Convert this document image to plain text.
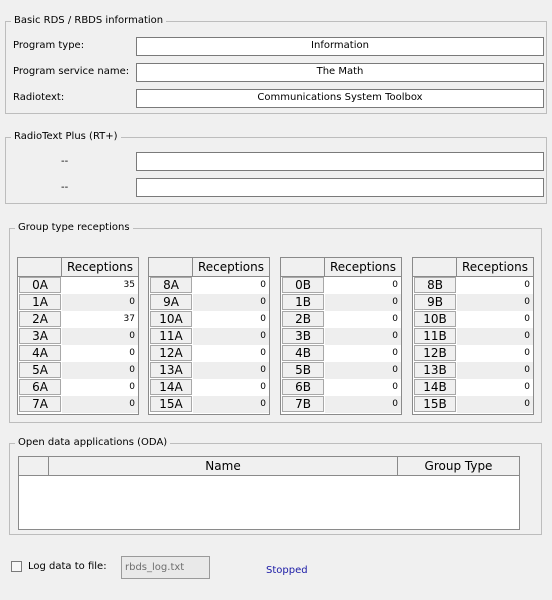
Basic RDS / RBDS information
Program type:	Information
Program service name:	The Math
Radiotext:	Communications System Toolbox
RadioText Plus (RT+)
--
--
Group type receptions
Receptions
0A	35
1A	0
2A	37
3A	0
4A	0
5A	0
6A	0
7A	0
Receptions
8A	0
9A	0
10A	0
11A	0
12A	0
13A	0
14A	0
15A	0
Receptions
0B	0
1B	0
2B	0
3B	0
4B	0
5B	0
6B	0
7B	0
Receptions
8B	0
9B	0
10B	0
11B	0
12B	0
13B	0
14B	0
15B	0
Open data applications (ODA)
Name	Group Type
Log data to file:	rbds_log.txt	Stopped
